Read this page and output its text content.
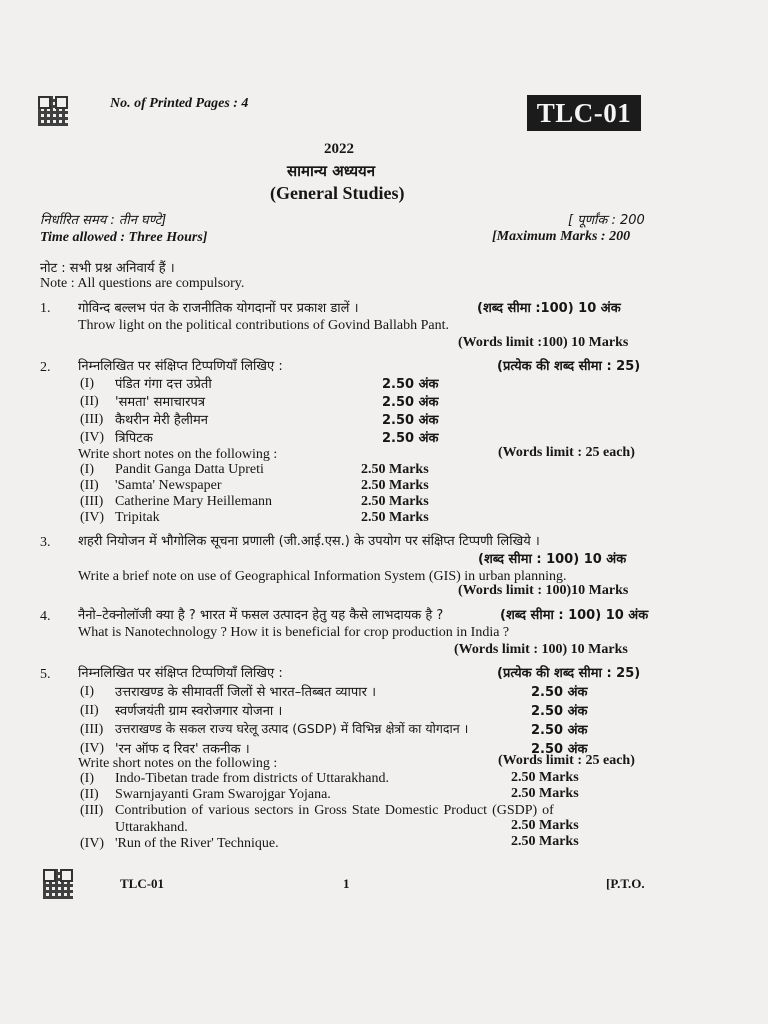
No. of Printed Pages : 4	TLC-01
2022
सामान्य अध्ययन
(General Studies)
निर्धारित समय : तीन घण्टे]	[ पूर्णांक : 200
Time allowed : Three Hours]	[Maximum Marks : 200
नोट : सभी प्रश्न अनिवार्य हैं ।
Note : All questions are compulsory.
1. गोविन्द बल्लभ पंत के राजनीतिक योगदानों पर प्रकाश डालें ।	(शब्द सीमा :100) 10 अंक
Throw light on the political contributions of Govind Ballabh Pant.
(Words limit :100) 10 Marks
2. निम्नलिखित पर संक्षिप्त टिप्पणियाँ लिखिए :	(प्रत्येक की शब्द सीमा : 25)
(I) पंडित गंगा दत्त उप्रेती	2.50 अंक
(II) 'समता' समाचारपत्र	2.50 अंक
(III) कैथरीन मेरी हैलीमन	2.50 अंक
(IV) त्रिपिटक	2.50 अंक
Write short notes on the following :	(Words limit : 25 each)
(I) Pandit Ganga Datta Upreti	2.50 Marks
(II) 'Samta' Newspaper	2.50 Marks
(III) Catherine Mary Heillemann	2.50 Marks
(IV) Tripitak	2.50 Marks
3. शहरी नियोजन में भौगोलिक सूचना प्रणाली (जी.आई.एस.) के उपयोग पर संक्षिप्त टिप्पणी लिखिये ।
(शब्द सीमा : 100) 10 अंक
Write a brief note on use of Geographical Information System (GIS) in urban planning.
(Words limit : 100)10 Marks
4. नैनो–टेक्नोलॉजी क्या है ? भारत में फसल उत्पादन हेतु यह कैसे लाभदायक है ?	(शब्द सीमा : 100) 10 अंक
What is Nanotechnology ? How it is beneficial for crop production in India ?
(Words limit : 100) 10 Marks
5. निम्नलिखित पर संक्षिप्त टिप्पणियाँ लिखिए :	(प्रत्येक की शब्द सीमा : 25)
(I) उत्तराखण्ड के सीमावर्ती जिलों से भारत–तिब्बत व्यापार ।	2.50 अंक
(II) स्वर्णजयंती ग्राम स्वरोजगार योजना ।	2.50 अंक
(III) उत्तराखण्ड के सकल राज्य घरेलू उत्पाद (GSDP) में विभिन्न क्षेत्रों का योगदान ।	2.50 अंक
(IV) 'रन ऑफ द रिवर' तकनीक ।	2.50 अंक
Write short notes on the following :	(Words limit : 25 each)
(I) Indo-Tibetan trade from districts of Uttarakhand.	2.50 Marks
(II) Swarnjayanti Gram Swarojgar Yojana.	2.50 Marks
(III) Contribution of various sectors in Gross State Domestic Product (GSDP) of
Uttarakhand.	2.50 Marks
(IV) 'Run of the River' Technique.	2.50 Marks
TLC-01	1	[P.T.O.
